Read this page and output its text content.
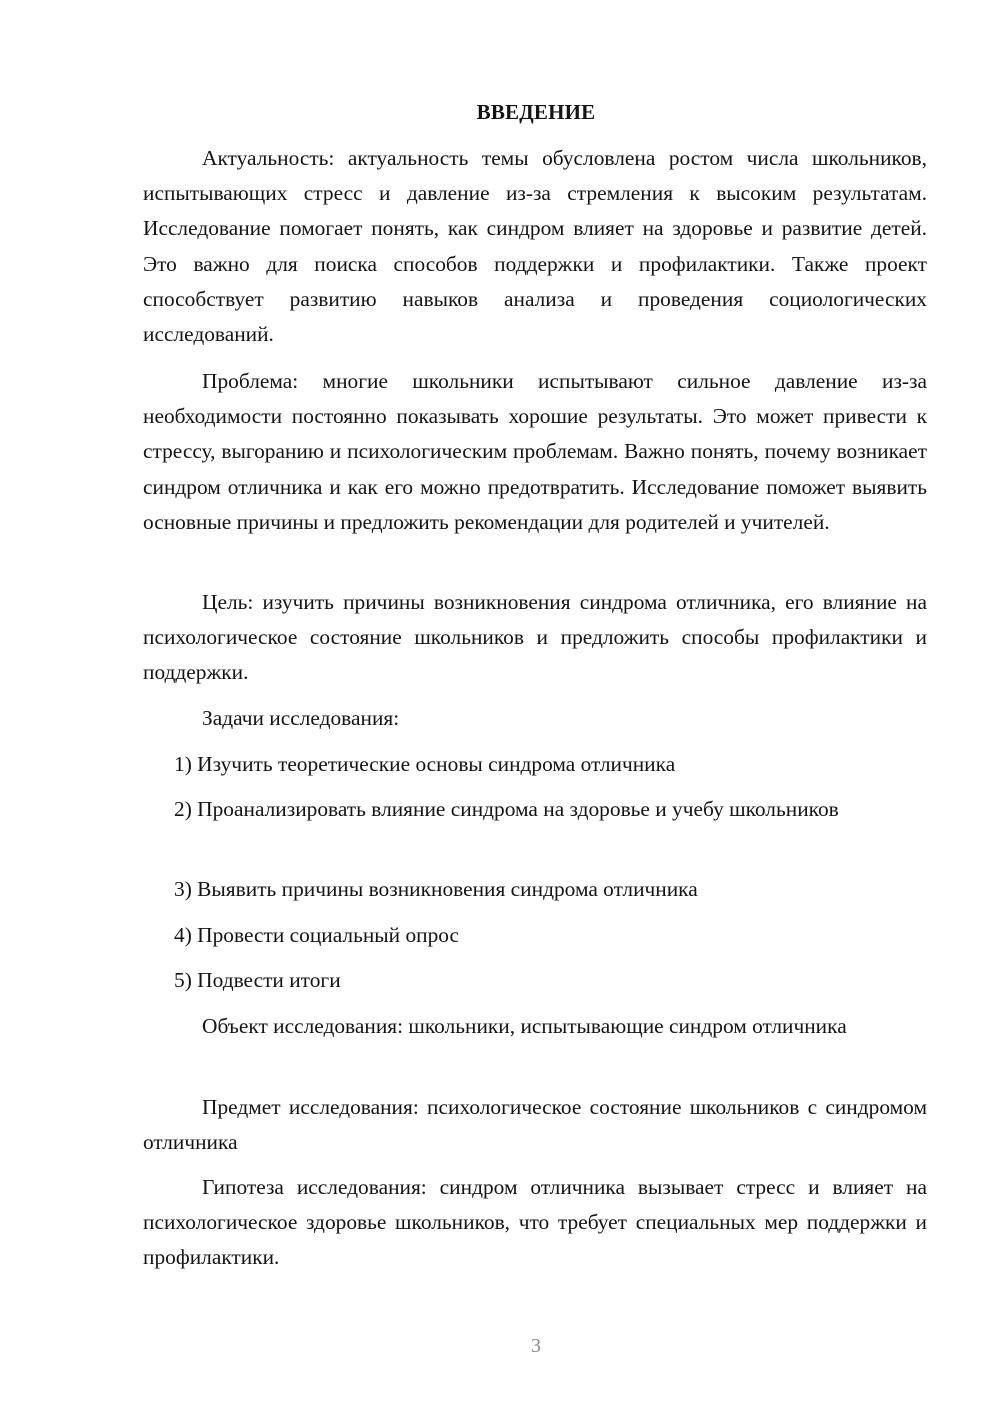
ВВЕДЕНИЕ

Актуальность: актуальность темы обусловлена ростом числа школьников, испытывающих стресс и давление из-за стремления к высоким результатам. Исследование помогает понять, как синдром влияет на здоровье и развитие детей. Это важно для поиска способов поддержки и профилактики. Также проект способствует развитию навыков анализа и проведения социологических исследований.

Проблема: многие школьники испытывают сильное давление из-за необходимости постоянно показывать хорошие результаты. Это может привести к стрессу, выгоранию и психологическим проблемам. Важно понять, почему возникает синдром отличника и как его можно предотвратить. Исследование поможет выявить основные причины и предложить рекомендации для родителей и учителей.

Цель: изучить причины возникновения синдрома отличника, его влияние на психологическое состояние школьников и предложить способы профилактики и поддержки.

Задачи исследования:

1) Изучить теоретические основы синдрома отличника

2) Проанализировать влияние синдрома на здоровье и учебу школьников

3) Выявить причины возникновения синдрома отличника

4) Провести социальный опрос

5) Подвести итоги

Объект исследования: школьники, испытывающие синдром отличника

Предмет исследования: психологическое состояние школьников с синдромом отличника

Гипотеза исследования: синдром отличника вызывает стресс и влияет на психологическое здоровье школьников, что требует специальных мер поддержки и профилактики.

3
